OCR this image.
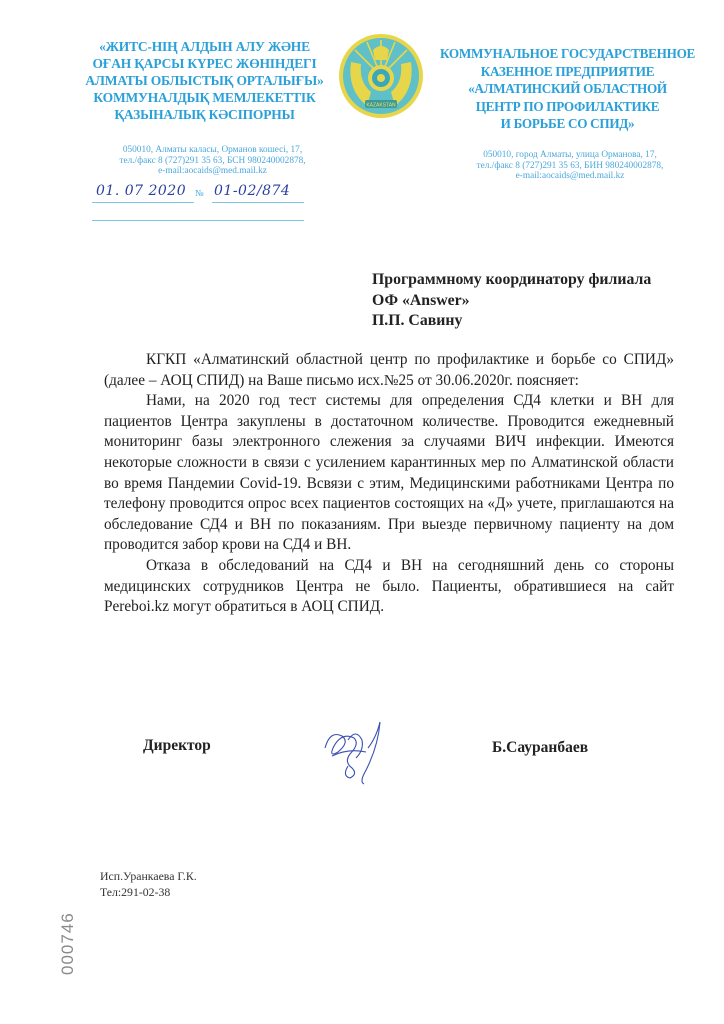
«ЖИТС-НІҢ АЛДЫН АЛУ ЖӘНЕ
ОҒАН ҚАРСЫ КҮРЕС ЖӨНІНДЕГІ
АЛМАТЫ ОБЛЫСТЫҚ ОРТАЛЫҒЫ»
КОММУНАЛДЫҚ МЕМЛЕКЕТТІК
ҚАЗЫНАЛЫҚ КӘСІПОРНЫ
KAZAKSTAN
КОММУНАЛЬНОЕ ГОСУДАРСТВЕННОЕ
КАЗЕННОЕ ПРЕДПРИЯТИЕ
«АЛМАТИНСКИЙ ОБЛАСТНОЙ
ЦЕНТР ПО ПРОФИЛАКТИКЕ
И БОРЬБЕ СО СПИД»
050010, Алматы каласы, Орманов кошесі, 17,
тел./факс 8 (727)291 35 63, БСН 980240002878,
e-mail:aocaids@med.mail.kz
050010, город Алматы, улица Орманова, 17,
тел./факс 8 (727)291 35 63, БИН 980240002878,
e-mail:aocaids@med.mail.kz
01. 07 2020 № 01-02/874
Программному координатору филиала
ОФ «Answer»
П.П. Савину

КГКП «Алматинский областной центр по профилактике и борьбе со СПИД» (далее – АОЦ СПИД) на Ваше письмо исх.№25 от 30.06.2020г. поясняет:

Нами, на 2020 год тест системы для определения СД4 клетки и ВН для пациентов Центра закуплены в достаточном количестве. Проводится ежедневный мониторинг базы электронного слежения за случаями ВИЧ инфекции. Имеются некоторые сложности в связи с усилением карантинных мер по Алматинской области во время Пандемии Covid-19. Всвязи с этим, Медицинскими работниками Центра по телефону проводится опрос всех пациентов состоящих на «Д» учете, приглашаются на обследование СД4 и ВН по показаниям. При выезде первичному пациенту на дом проводится забор крови на СД4 и ВН.

Отказа в обследований на СД4 и ВН на сегодняшний день со стороны медицинских сотрудников Центра не было. Пациенты, обратившиеся на сайт Pereboi.kz могут обратиться в АОЦ СПИД.

Директор	Б.Сауранбаев
Исп.Уранкаева Г.К.
Тел:291-02-38
000746
